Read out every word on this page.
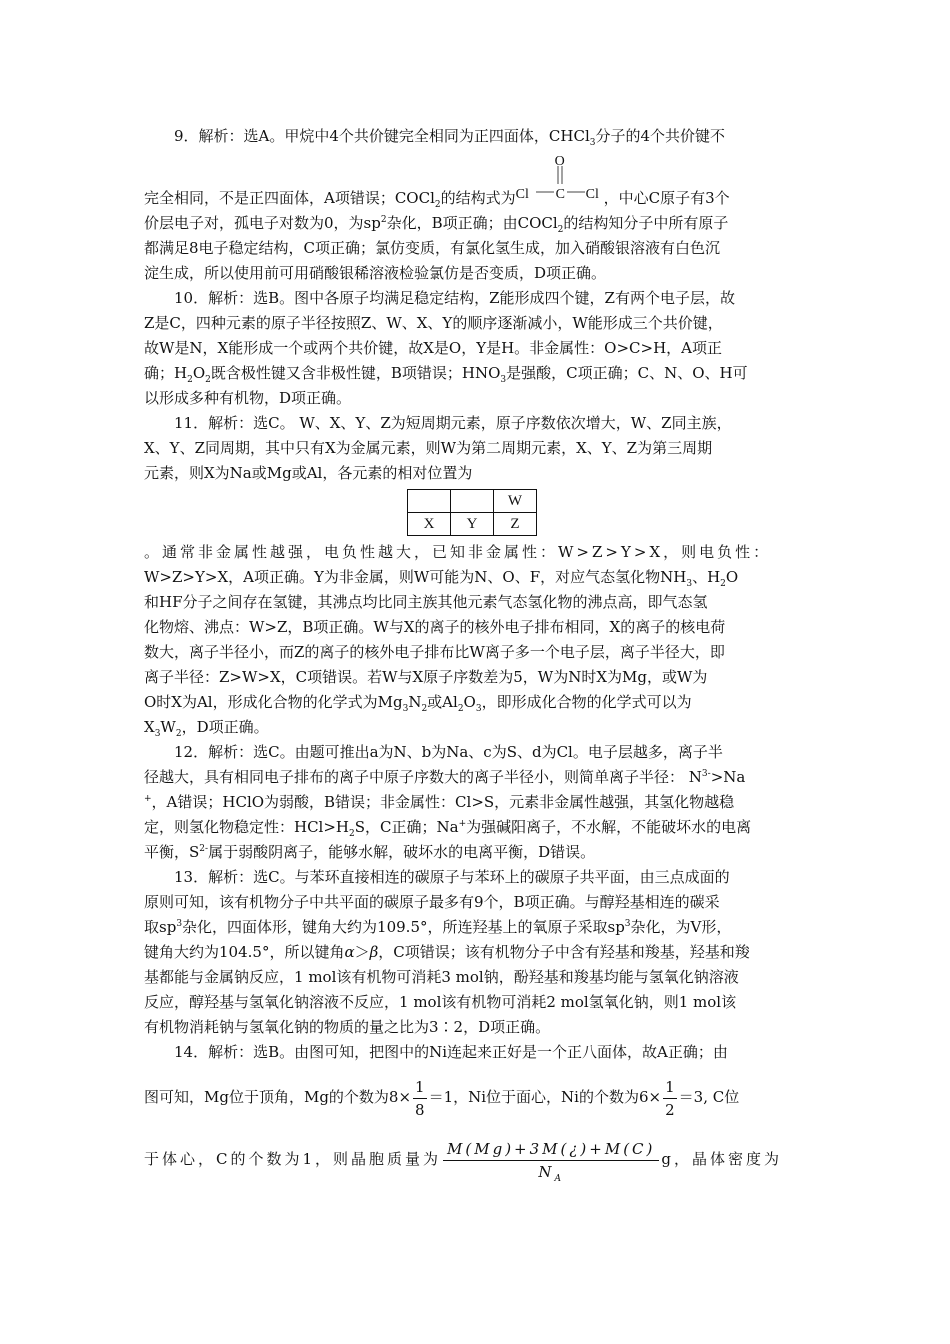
9．解析：选A。甲烷中4个共价键完全相同为正四面体，CHCl$_3$分子的4个共价键不

完全相同，不是正四面体，A项错误；COCl$_2$的结构式为
O
Cl C Cl ，中心C原子有3个

价层电子对，孤电子对数为0，为$sp^2$杂化，B项正确；由COCl$_2$的结构知分子中所有原子

都满足8电子稳定结构，C项正确；氯仿变质，有氯化氢生成，加入硝酸银溶液有白色沉

淀生成，所以使用前可用硝酸银稀溶液检验氯仿是否变质，D项正确。

10．解析：选B。图中各原子均满足稳定结构，Z能形成四个键，Z有两个电子层，故

Z是C，四种元素的原子半径按照Z、W、X、Y的顺序逐渐减小，W能形成三个共价键，

故W是N，X能形成一个或两个共价键，故X是O，Y是H。非金属性：O>C>H，A项正

确；$H_2O_2$既含极性键又含非极性键，B项错误；$HNO_3$是强酸，C项正确；C、N、O、H可

以形成多种有机物，D项正确。

11．解析：选C。 W、X、Y、Z为短周期元素，原子序数依次增大，W、Z同主族，

X、Y、Z同周期，其中只有X为金属元素，则W为第二周期元素，X、Y、Z为第三周期

元素，则X为Na或Mg或Al，各元素的相对位置为

		W
X	Y	Z

。通常非金属性越强，电负性越大，已知非金属性：W>Z>Y>X，则电负性：

W>Z>Y>X，A项正确。Y为非金属，则W可能为N、O、F，对应气态氢化物$NH_3$、$H_2O$

和HF分子之间存在氢键，其沸点均比同主族其他元素气态氢化物的沸点高，即气态氢

化物熔、沸点：W>Z，B项正确。W与X的离子的核外电子排布相同，X的离子的核电荷

数大，离子半径小，而Z的离子的核外电子排布比W离子多一个电子层，离子半径大，即

离子半径：Z>W>X，C项错误。若W与X原子序数差为5，W为N时X为Mg，或W为

O时X为Al，形成化合物的化学式为$Mg_3N_2$或$Al_2O_3$，即形成化合物的化学式可以为

$X_3W_2$，D项正确。

12．解析：选C。由题可推出a为N、b为Na、c为S、d为Cl。电子层越多，离子半

径越大，具有相同电子排布的离子中原子序数大的离子半径小，则简单离子半径： $N^{3-}>Na$

+，A错误；HClO为弱酸，B错误；非金属性：Cl>S，元素非金属性越强，其氢化物越稳

定，则氢化物稳定性：$HCl>H_2S$，C正确；Na+为强碱阳离子，不水解，不能破坏水的电离

平衡，$S^{2-}$属于弱酸阴离子，能够水解，破坏水的电离平衡，D错误。

13．解析：选C。与苯环直接相连的碳原子与苯环上的碳原子共平面，由三点成面的

原则可知，该有机物分子中共平面的碳原子最多有9个，B项正确。与醇羟基相连的碳采

取$sp^3$杂化，四面体形，键角大约为109.5°，所连羟基上的氧原子采取$sp^3$杂化，为V形，

键角大约为104.5°，所以键角α＞β，C项错误；该有机物分子中含有羟基和羧基，羟基和羧

基都能与金属钠反应，1 mol该有机物可消耗3 mol钠，酚羟基和羧基均能与氢氧化钠溶液

反应，醇羟基与氢氧化钠溶液不反应，1 mol该有机物可消耗2 mol氢氧化钠，则1 mol该

有机物消耗钠与氢氧化钠的物质的量之比为3∶2，D项正确。

14．解析：选B。由图可知，把图中的Ni连起来正好是一个正八面体，故A正确；由

图可知，Mg位于顶角，Mg的个数为$8\times \frac{1}{8} =1$，Ni位于面心，Ni的个数为$6\times \frac{1}{2} =3$, C位

于体心，C的个数为1，则晶胞质量为 $\frac{M(Mg)+3M(¿)+M(C)}{N_A}$ g，晶体密度为
